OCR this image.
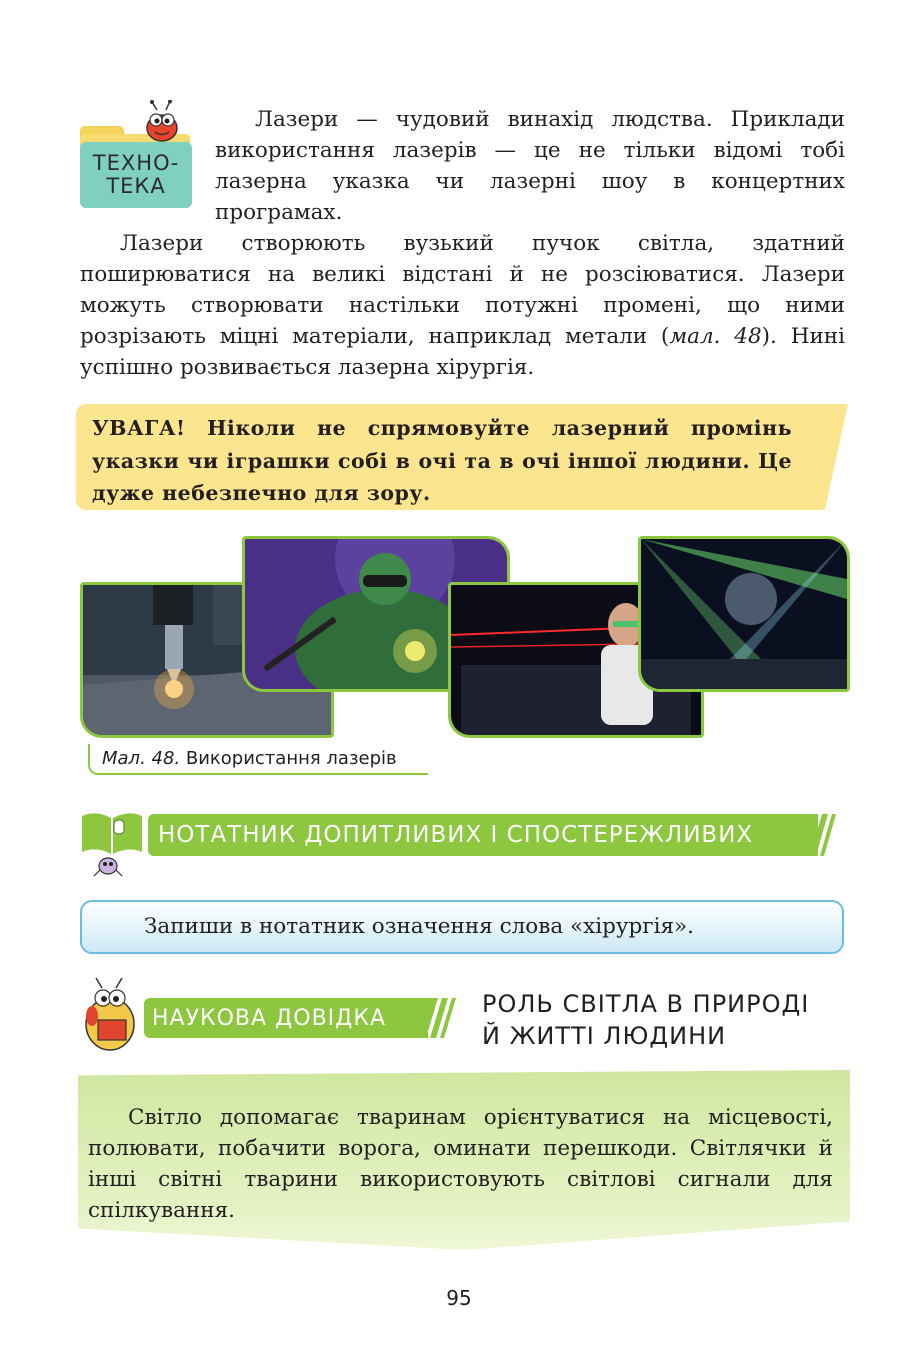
ТЕХНО-
ТЕКА

Лазери — чудовий винахід людства. Приклади використання лазерів — це не тільки відомі тобі лазерна указка чи лазерні шоу в концертних програмах.

Лазери створюють вузький пучок світла, здатний поширюватися на великі відстані й не розсіюватися. Лазери можуть створювати настільки потужні промені, що ними розрізають міцні матеріали, наприклад метали (мал. 48). Нині успішно розвивається лазерна хірургія.

УВАГА! Ніколи не спрямовуйте лазерний промінь указки чи іграшки собі в очі та в очі іншої людини. Це дуже небезпечно для зору.
Мал. 48. Використання лазерів
НОТАТНИК ДОПИТЛИВИХ І СПОСТЕРЕЖЛИВИХ
Запиши в нотатник означення слова «хірургія».
НАУКОВА ДОВІДКА	РОЛЬ СВІТЛА В ПРИРОДІ
Й ЖИТТІ ЛЮДИНИ

Світло допомагає тваринам орієнтуватися на місцевості, полювати, побачити ворога, оминати перешкоди. Світлячки й інші світні тварини використовують світлові сигнали для спілкування.

95
